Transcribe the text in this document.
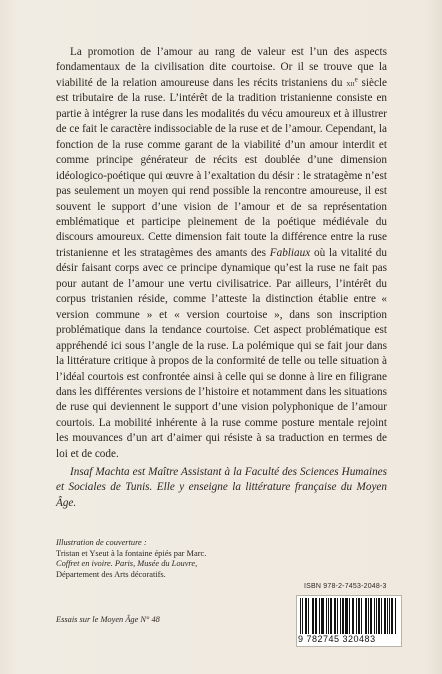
La promotion de l’amour au rang de valeur est l’un des aspects fondamentaux de la civilisation dite courtoise. Or il se trouve que la viabilité de la relation amoureuse dans les récits tristaniens du xii$^e$ siècle est tributaire de la ruse. L’intérêt de la tradition tristanienne consiste en partie à intégrer la ruse dans les modalités du vécu amoureux et à illustrer de ce fait le caractère indissociable de la ruse et de l’amour. Cependant, la fonction de la ruse comme garant de la viabilité d’un amour interdit et comme principe générateur de récits est doublée d’une dimension idéologico-poétique qui œuvre à l’exaltation du désir : le stratagème n’est pas seulement un moyen qui rend possible la rencontre amoureuse, il est souvent le support d’une vision de l’amour et de sa représentation emblématique et participe pleinement de la poétique médiévale du discours amoureux. Cette dimension fait toute la différence entre la ruse tristanienne et les stratagèmes des amants des Fabliaux où la vitalité du désir faisant corps avec ce principe dynamique qu’est la ruse ne fait pas pour autant de l’amour une vertu civilisatrice. Par ailleurs, l’intérêt du corpus tristanien réside, comme l’atteste la distinction établie entre « version commune » et « version courtoise », dans son inscription problématique dans la tendance courtoise. Cet aspect problématique est appréhendé ici sous l’angle de la ruse. La polémique qui se fait jour dans la littérature critique à propos de la conformité de telle ou telle situation à l’idéal courtois est confrontée ainsi à celle qui se donne à lire en filigrane dans les différentes versions de l’histoire et notamment dans les situations de ruse qui deviennent le support d’une vision polyphonique de l’amour courtois. La mobilité inhérente à la ruse comme posture mentale rejoint les mouvances d’un art d’aimer qui résiste à sa traduction en termes de loi et de code.

Insaf Machta est Maître Assistant à la Faculté des Sciences Humaines et Sociales de Tunis. Elle y enseigne la littérature française du Moyen Âge.

Illustration de couverture :
Tristan et Yseut à la fontaine épiés par Marc.
Coffret en ivoire. Paris, Musée du Louvre,
Département des Arts décoratifs.
Essais sur le Moyen Âge N° 48
ISBN 978-2-7453-2048-3
9 782745 320483
